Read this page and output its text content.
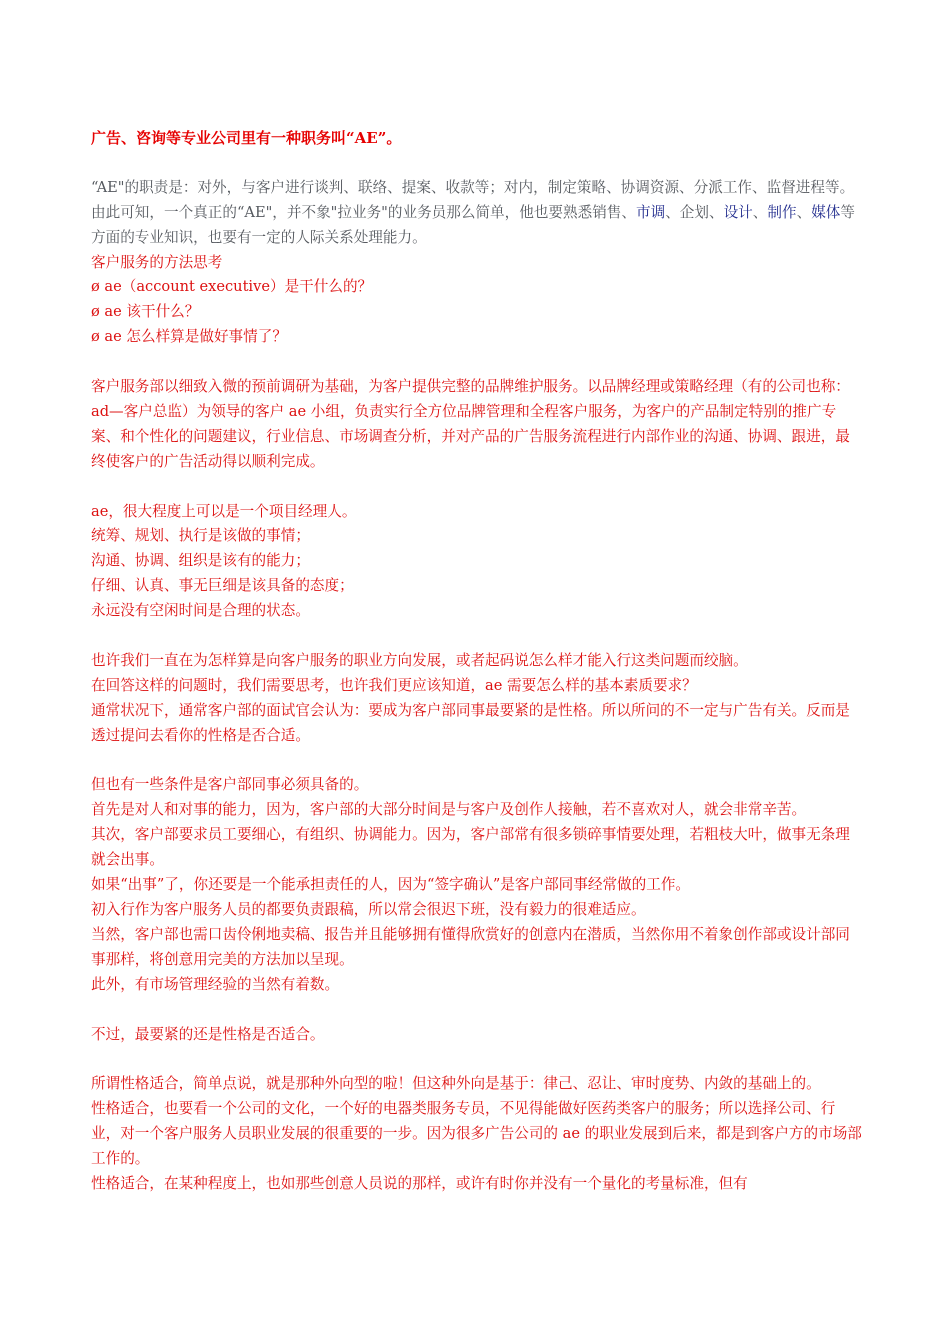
广告、咨询等专业公司里有一种职务叫“AE”。

“AE"的职责是：对外，与客户进行谈判、联络、提案、收款等；对内，制定策略、协调资源、分派工作、监督进程等。由此可知，一个真正的“AE"，并不象"拉业务"的业务员那么简单，他也要熟悉销售、市调、企划、设计、制作、媒体等方面的专业知识，也要有一定的人际关系处理能力。

客户服务的方法思考

ø ae（account executive）是干什么的？

ø ae 该干什么？

ø ae 怎么样算是做好事情了？

客户服务部以细致入微的预前调研为基础，为客户提供完整的品牌维护服务。以品牌经理或策略经理（有的公司也称：ad—客户总监）为领导的客户 ae 小组，负责实行全方位品牌管理和全程客户服务，为客户的产品制定特别的推广专案、和个性化的问题建议，行业信息、市场调查分析，并对产品的广告服务流程进行内部作业的沟通、协调、跟进，最终使客户的广告活动得以顺利完成。

ae，很大程度上可以是一个项目经理人。

统筹、规划、执行是该做的事情；

沟通、协调、组织是该有的能力；

仔细、认真、事无巨细是该具备的态度；

永远没有空闲时间是合理的状态。

也许我们一直在为怎样算是向客户服务的职业方向发展，或者起码说怎么样才能入行这类问题而绞脑。

在回答这样的问题时，我们需要思考，也许我们更应该知道，ae 需要怎么样的基本素质要求？

通常状况下，通常客户部的面试官会认为：要成为客户部同事最要紧的是性格。所以所问的不一定与广告有关。反而是透过提问去看你的性格是否合适。

但也有一些条件是客户部同事必须具备的。

首先是对人和对事的能力，因为，客户部的大部分时间是与客户及创作人接触，若不喜欢对人，就会非常辛苦。

其次，客户部要求员工要细心，有组织、协调能力。因为，客户部常有很多锁碎事情要处理，若粗枝大叶，做事无条理就会出事。

如果“出事”了，你还要是一个能承担责任的人，因为“签字确认”是客户部同事经常做的工作。

初入行作为客户服务人员的都要负责跟稿，所以常会很迟下班，没有毅力的很难适应。

当然，客户部也需口齿伶俐地卖稿、报告并且能够拥有懂得欣赏好的创意内在潜质，当然你用不着象创作部或设计部同事那样，将创意用完美的方法加以呈现。

此外，有市场管理经验的当然有着数。

不过，最要紧的还是性格是否适合。

所谓性格适合，简单点说，就是那种外向型的啦！但这种外向是基于：律己、忍让、审时度势、内敛的基础上的。

性格适合，也要看一个公司的文化，一个好的电器类服务专员，不见得能做好医药类客户的服务；所以选择公司、行业，对一个客户服务人员职业发展的很重要的一步。因为很多广告公司的 ae 的职业发展到后来，都是到客户方的市场部工作的。

性格适合，在某种程度上，也如那些创意人员说的那样，或许有时你并没有一个量化的考量标准，但有
